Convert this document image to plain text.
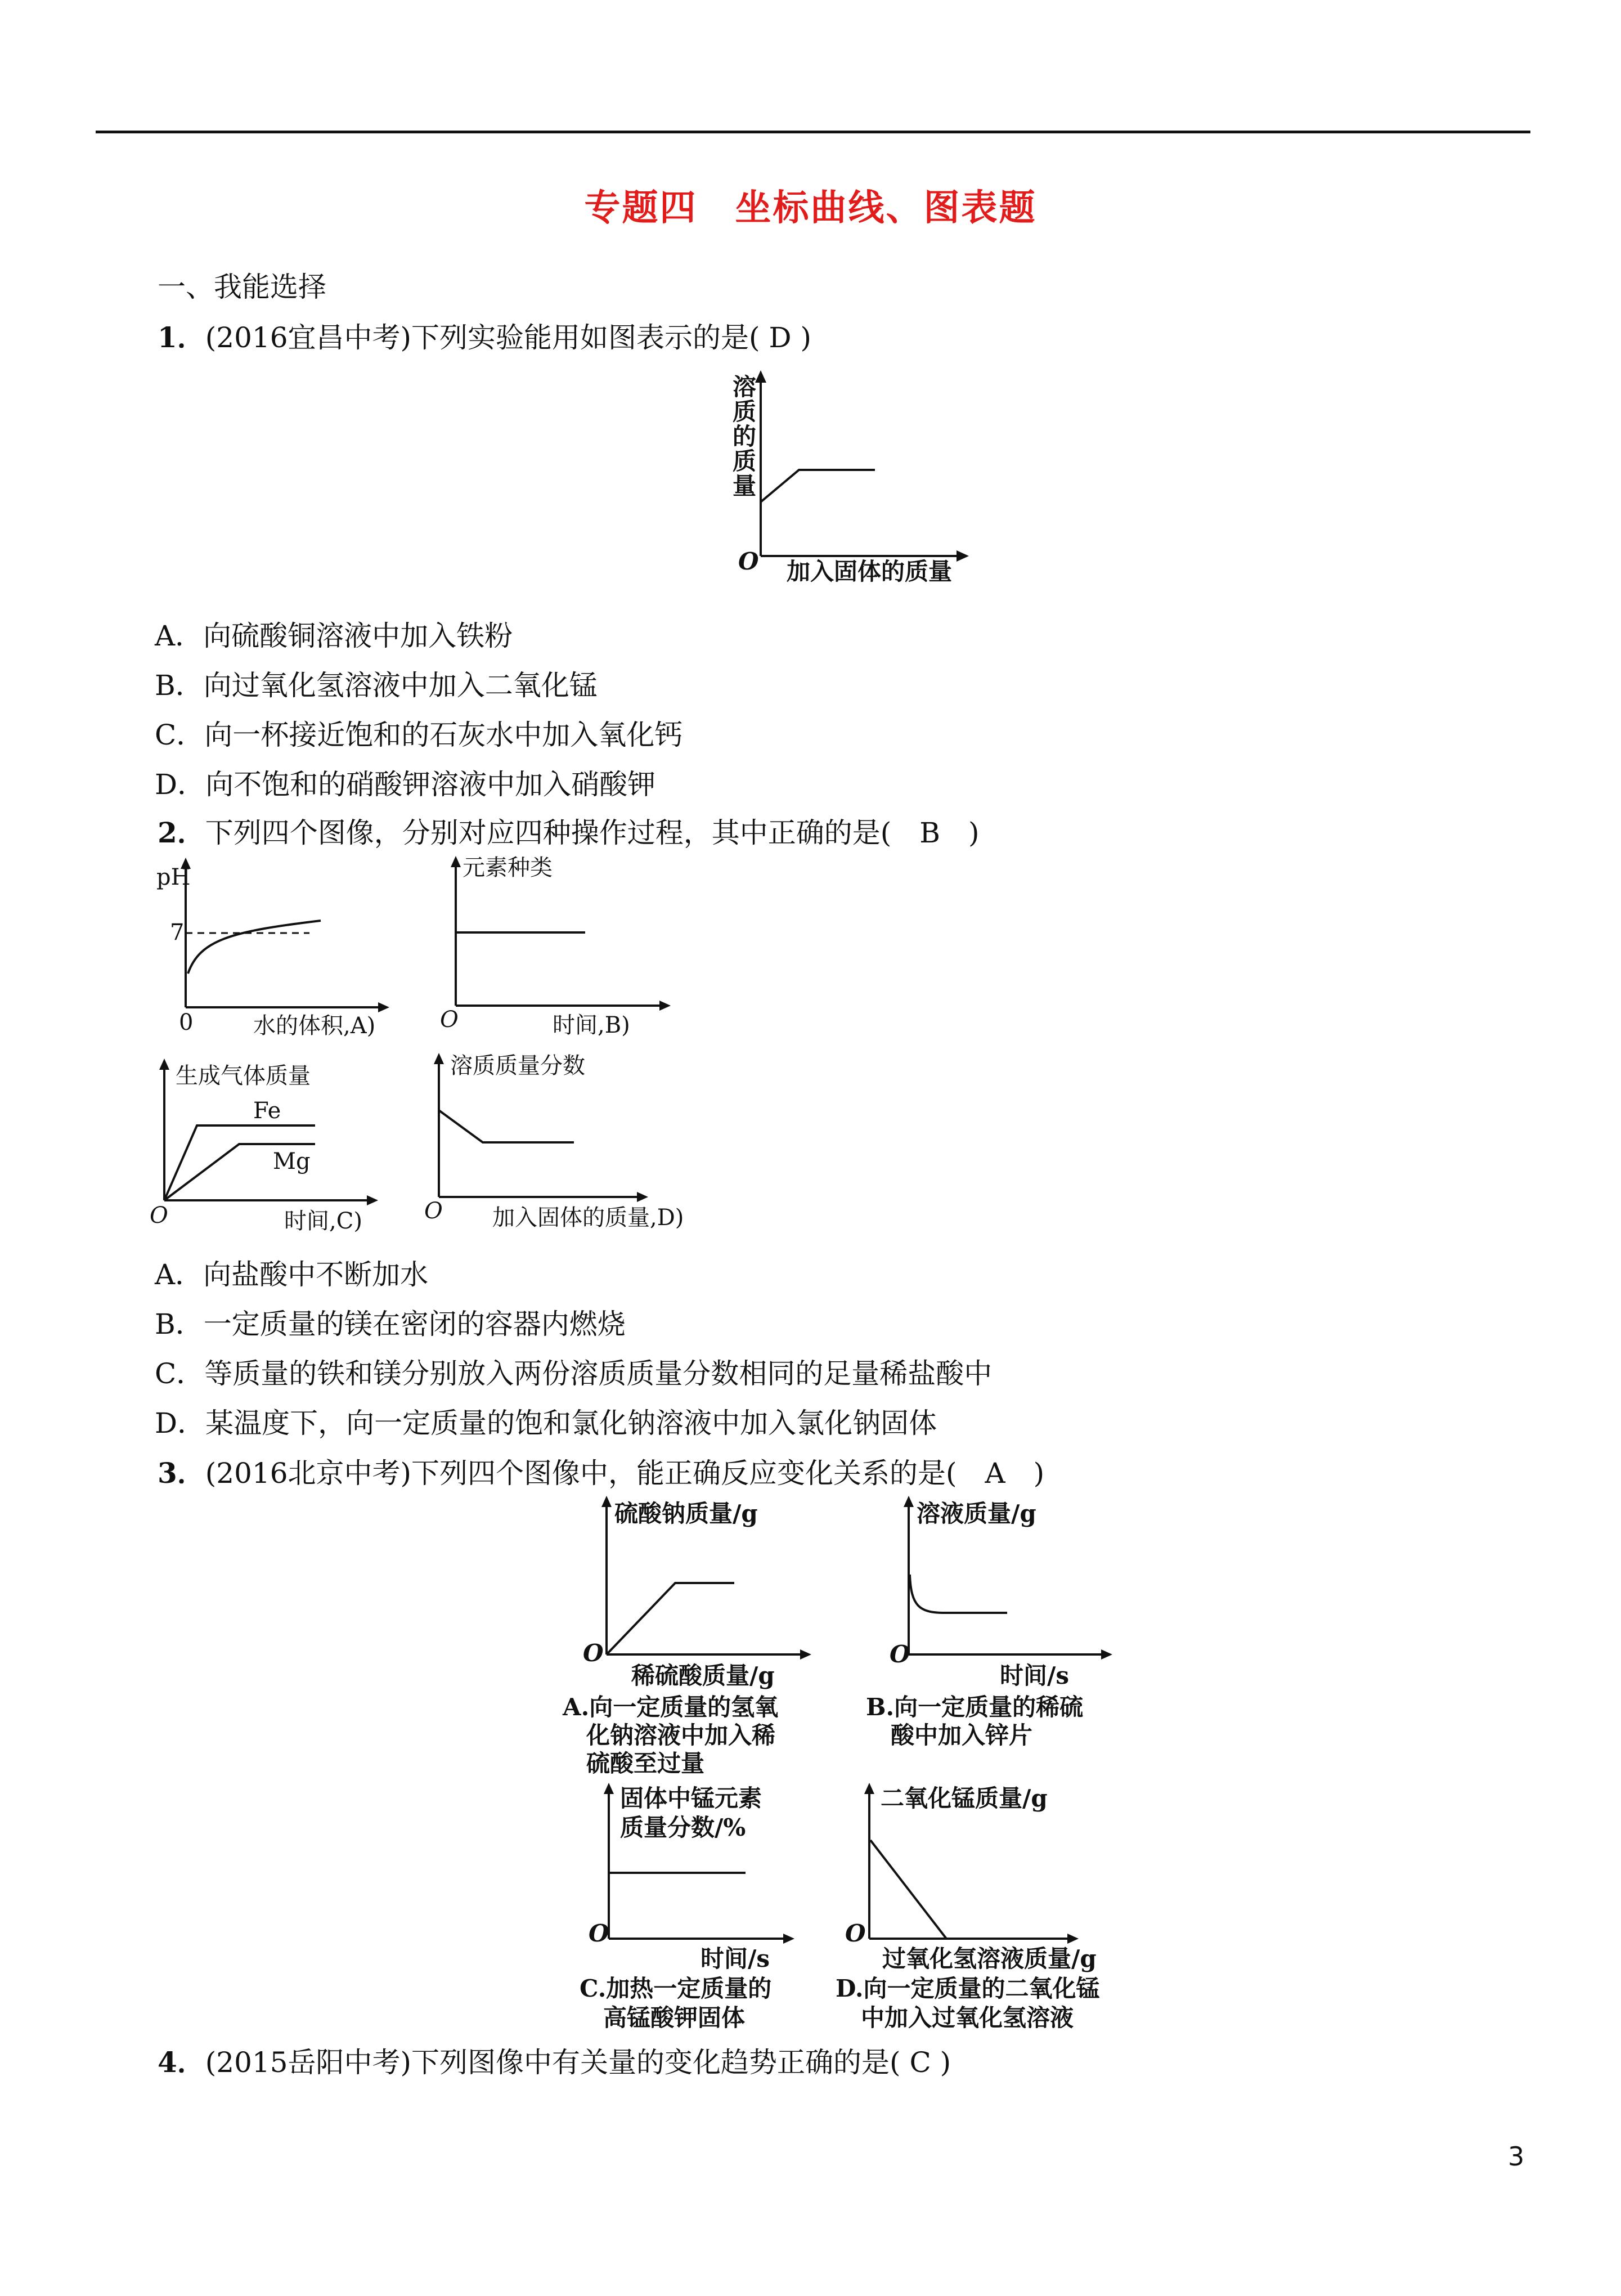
专题四　坐标曲线、图表题
一、我能选择
1．(2016宜昌中考)下列实验能用如图表示的是( D )
溶
质
的
质
量
O 加入固体的质量
A．向硫酸铜溶液中加入铁粉
B．向过氧化氢溶液中加入二氧化锰
C．向一杯接近饱和的石灰水中加入氧化钙
D．向不饱和的硝酸钾溶液中加入硝酸钾
2．下列四个图像，分别对应四种操作过程，其中正确的是(　B　)
pH
7
0	水的体积,A)
元素种类
O	时间,B)
生成气体质量
Fe
Mg
O	时间,C)
溶质质量分数
O 加入固体的质量,D)
A．向盐酸中不断加水
B．一定质量的镁在密闭的容器内燃烧
C．等质量的铁和镁分别放入两份溶质质量分数相同的足量稀盐酸中
D．某温度下，向一定质量的饱和氯化钠溶液中加入氯化钠固体
3．(2016北京中考)下列四个图像中，能正确反应变化关系的是(　A　)
硫酸钠质量/g
O
稀硫酸质量/g
A.向一定质量的氢氧
化钠溶液中加入稀
硫酸至过量
溶液质量/g
O
时间/s
B.向一定质量的稀硫
酸中加入锌片
固体中锰元素
质量分数/%
O
时间/s
C.加热一定质量的
高锰酸钾固体
二氧化锰质量/g
O
过氧化氢溶液质量/g
D.向一定质量的二氧化锰
中加入过氧化氢溶液
4．(2015岳阳中考)下列图像中有关量的变化趋势正确的是( C )
3
